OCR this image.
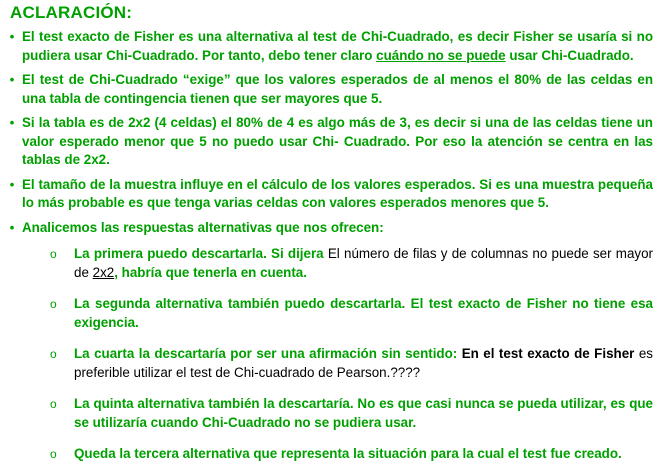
ACLARACIÓN:
• El test exacto de Fisher es una alternativa al test de Chi-Cuadrado, es decir Fisher se usaría si no pudiera usar Chi-Cuadrado. Por tanto, debo tener claro cuándo no se puede usar Chi-Cuadrado.
• El test de Chi-Cuadrado “exige” que los valores esperados de al menos el 80% de las celdas en una tabla de contingencia tienen que ser mayores que 5.
• Si la tabla es de 2x2 (4 celdas) el 80% de 4 es algo más de 3, es decir si una de las celdas tiene un valor esperado menor que 5 no puedo usar Chi- Cuadrado. Por eso la atención se centra en las tablas de 2x2.
• El tamaño de la muestra influye en el cálculo de los valores esperados. Si es una muestra pequeña lo más probable es que tenga varias celdas con valores esperados menores que 5.
• Analicemos las respuestas alternativas que nos ofrecen:
o La primera puedo descartarla. Si dijera El número de filas y de columnas no puede ser mayor de 2x2, habría que tenerla en cuenta.
o La segunda alternativa también puedo descartarla. El test exacto de Fisher no tiene esa exigencia.
o La cuarta la descartaría por ser una afirmación sin sentido: En el test exacto de Fisher es preferible utilizar el test de Chi-cuadrado de Pearson.????
o La quinta alternativa también la descartaría. No es que casi nunca se pueda utilizar, es que se utilizaría cuando Chi-Cuadrado no se pudiera usar.
o Queda la tercera alternativa que representa la situación para la cual el test fue creado.
